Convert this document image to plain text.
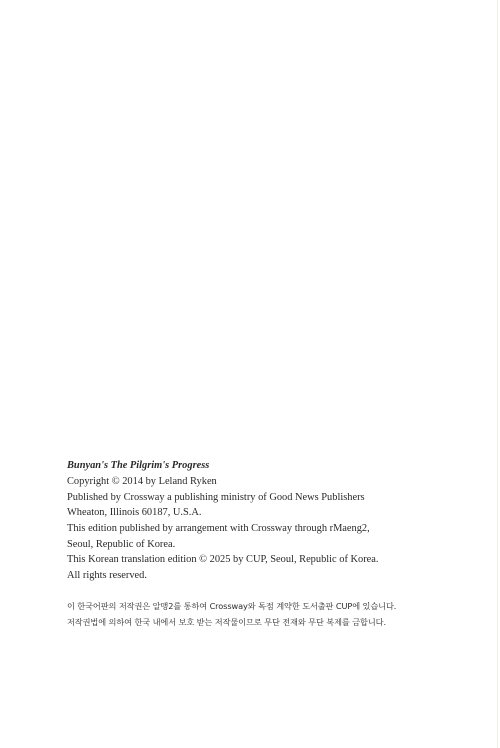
Bunyan's The Pilgrim's Progress
Copyright © 2014 by Leland Ryken
Published by Crossway a publishing ministry of Good News Publishers
Wheaton, Illinois 60187, U.S.A.
This edition published by arrangement with Crossway through rMaeng2,
Seoul, Republic of Korea.
This Korean translation edition © 2025 by CUP, Seoul, Republic of Korea.
All rights reserved.
이 한국어판의 저작권은 알맹2를 통하여 Crossway와 독점 계약한 도서출판 CUP에 있습니다.
저작권법에 의하여 한국 내에서 보호 받는 저작물이므로 무단 전재와 무단 복제를 금합니다.
